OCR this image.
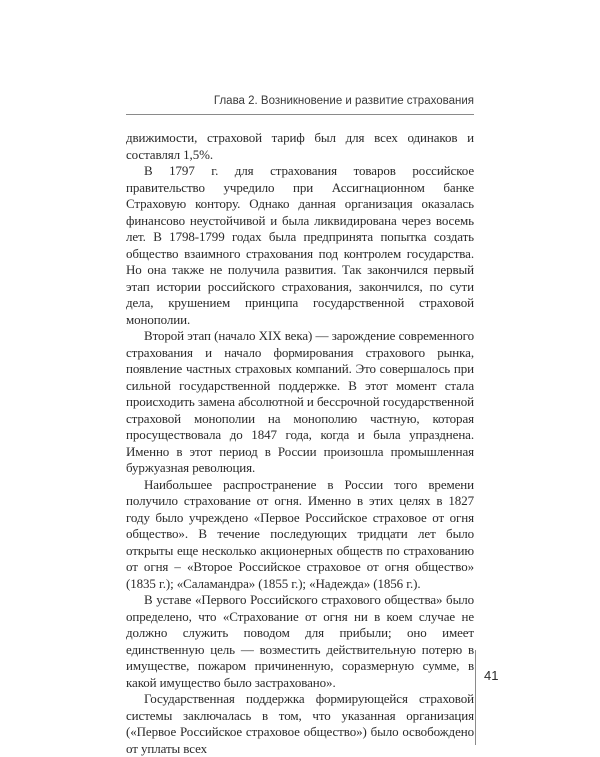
Глава 2. Возникновение и развитие страхования

движимости, страховой тариф был для всех одинаков и составлял 1,5%.

В 1797 г. для страхования товаров российское правительство учредило при Ассигнационном банке Страховую контору. Однако данная организация оказалась финансово неустойчивой и была ликвидирована через восемь лет. В 1798-1799 годах была предпринята попытка создать общество взаимного страхования под контролем государства. Но она также не получила развития. Так закончился первый этап истории российского страхования, закончился, по сути дела, крушением принципа государственной страховой монополии.

Второй этап (начало XIX века) — зарождение современного страхования и начало формирования страхового рынка, появление частных страховых компаний. Это совершалось при сильной государственной поддержке. В этот момент стала происходить замена абсолютной и бессрочной государственной страховой монополии на монополию частную, которая просуществовала до 1847 года, когда и была упразднена. Именно в этот период в России произошла промышленная буржуазная революция.

Наибольшее распространение в России того времени получило страхование от огня. Именно в этих целях в 1827 году было учреждено «Первое Российское страховое от огня общество». В течение последующих тридцати лет было открыты еще несколько акционерных обществ по страхованию от огня – «Второе Российское страховое от огня общество» (1835 г.); «Саламандра» (1855 г.); «Надежда» (1856 г.).

В уставе «Первого Российского страхового общества» было определено, что «Страхование от огня ни в коем случае не должно служить поводом для прибыли; оно имеет единственную цель — возместить действительную потерю в имуществе, пожаром причиненную, соразмерную сумме, в какой имущество было застраховано».

Государственная поддержка формирующейся страховой системы заключалась в том, что указанная организация («Первое Российское страховое общество») было освобождено от уплаты всех

41
